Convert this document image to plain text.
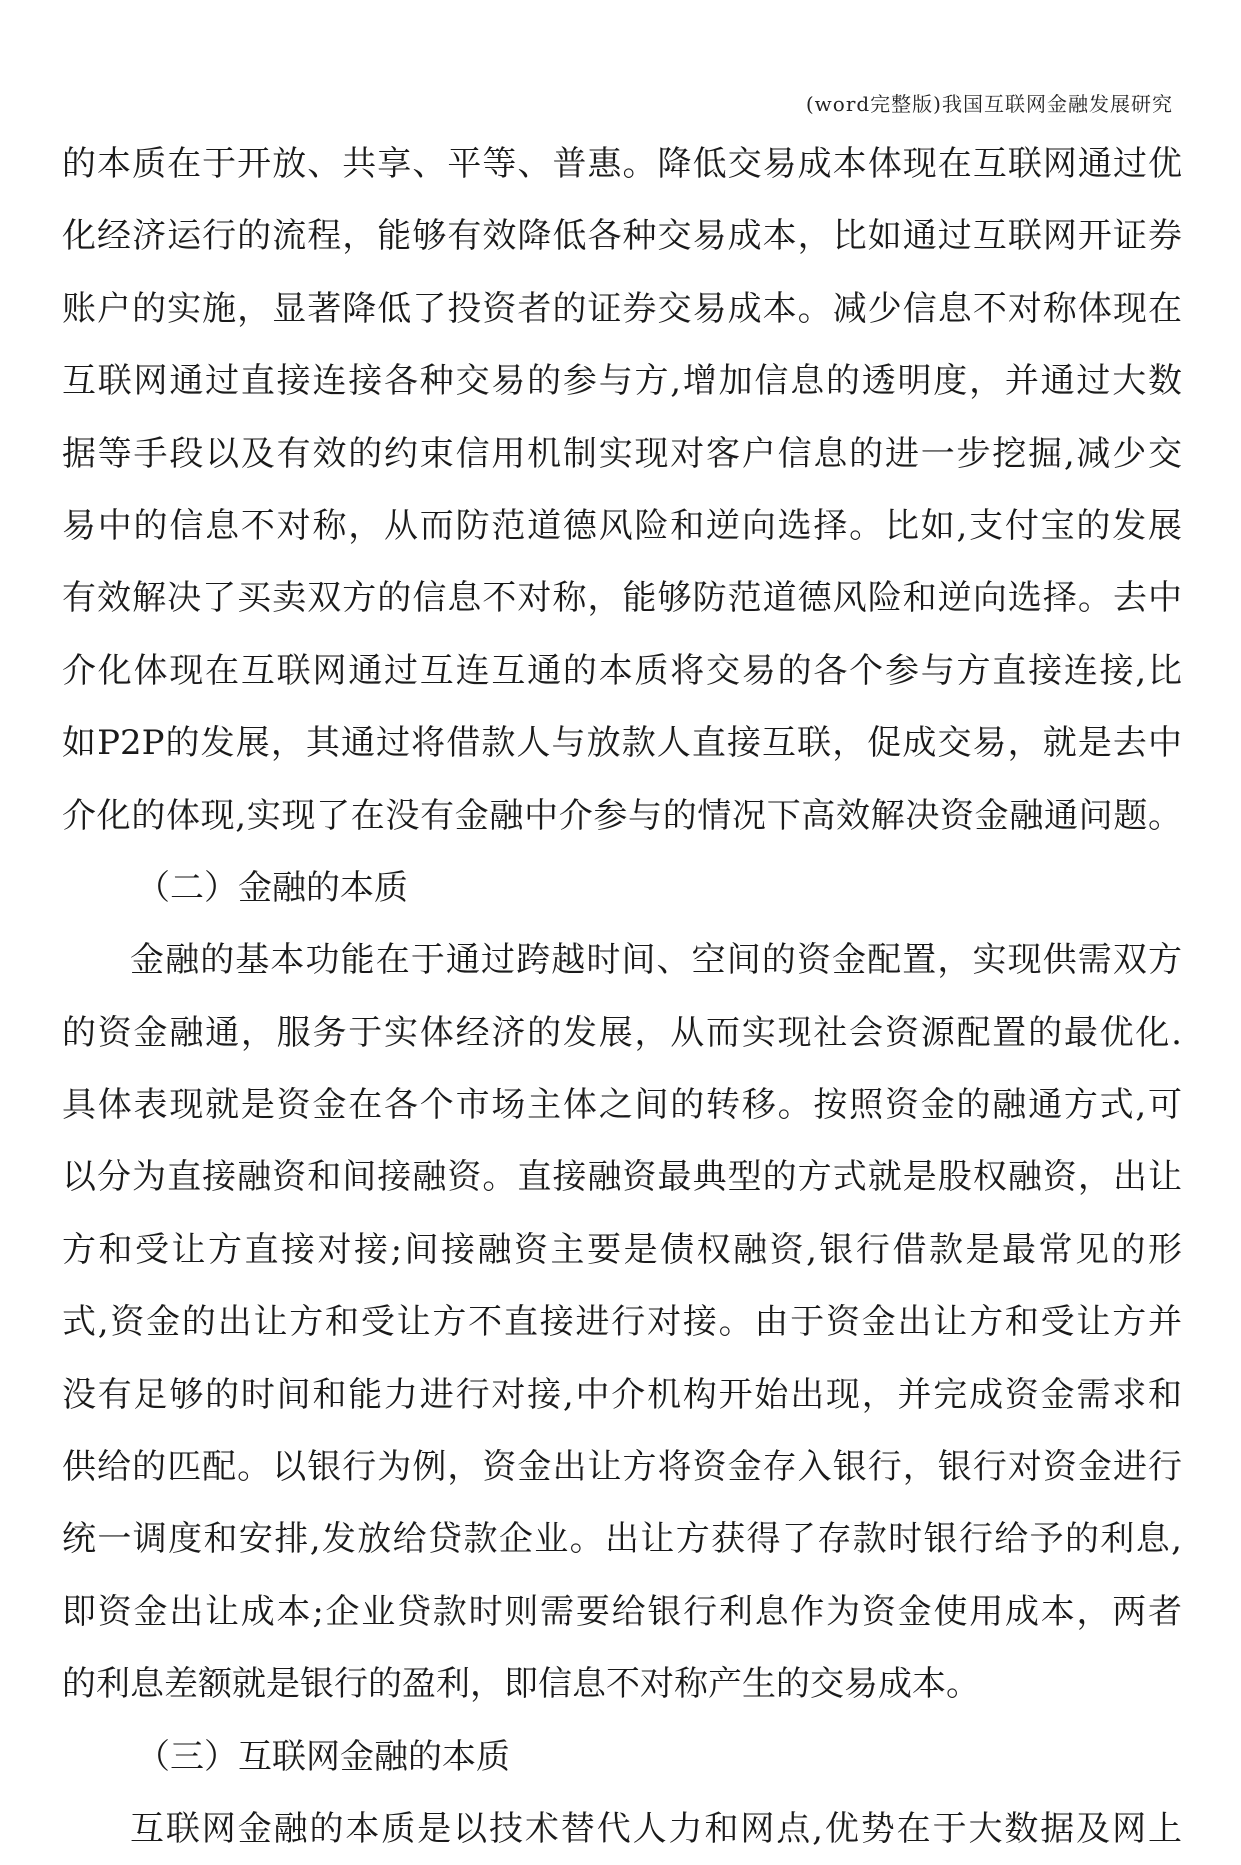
(word完整版)我国互联网金融发展研究
的本质在于开放、共享、平等、普惠。降低交易成本体现在互联网通过优
化经济运行的流程，能够有效降低各种交易成本，比如通过互联网开证券
账户的实施，显著降低了投资者的证券交易成本。减少信息不对称体现在
互联网通过直接连接各种交易的参与方,增加信息的透明度，并通过大数
据等手段以及有效的约束信用机制实现对客户信息的进一步挖掘,减少交
易中的信息不对称，从而防范道德风险和逆向选择。比如,支付宝的发展
有效解决了买卖双方的信息不对称，能够防范道德风险和逆向选择。去中
介化体现在互联网通过互连互通的本质将交易的各个参与方直接连接,比
如P2P的发展，其通过将借款人与放款人直接互联，促成交易，就是去中
介化的体现,实现了在没有金融中介参与的情况下高效解决资金融通问题。
（二）金融的本质
金融的基本功能在于通过跨越时间、空间的资金配置，实现供需双方
的资金融通，服务于实体经济的发展，从而实现社会资源配置的最优化.
具体表现就是资金在各个市场主体之间的转移。按照资金的融通方式,可
以分为直接融资和间接融资。直接融资最典型的方式就是股权融资，出让
方和受让方直接对接;间接融资主要是债权融资,银行借款是最常见的形
式,资金的出让方和受让方不直接进行对接。由于资金出让方和受让方并
没有足够的时间和能力进行对接,中介机构开始出现，并完成资金需求和
供给的匹配。以银行为例，资金出让方将资金存入银行，银行对资金进行
统一调度和安排,发放给贷款企业。出让方获得了存款时银行给予的利息,
即资金出让成本;企业贷款时则需要给银行利息作为资金使用成本，两者
的利息差额就是银行的盈利，即信息不对称产生的交易成本。
（三）互联网金融的本质
互联网金融的本质是以技术替代人力和网点,优势在于大数据及网上
